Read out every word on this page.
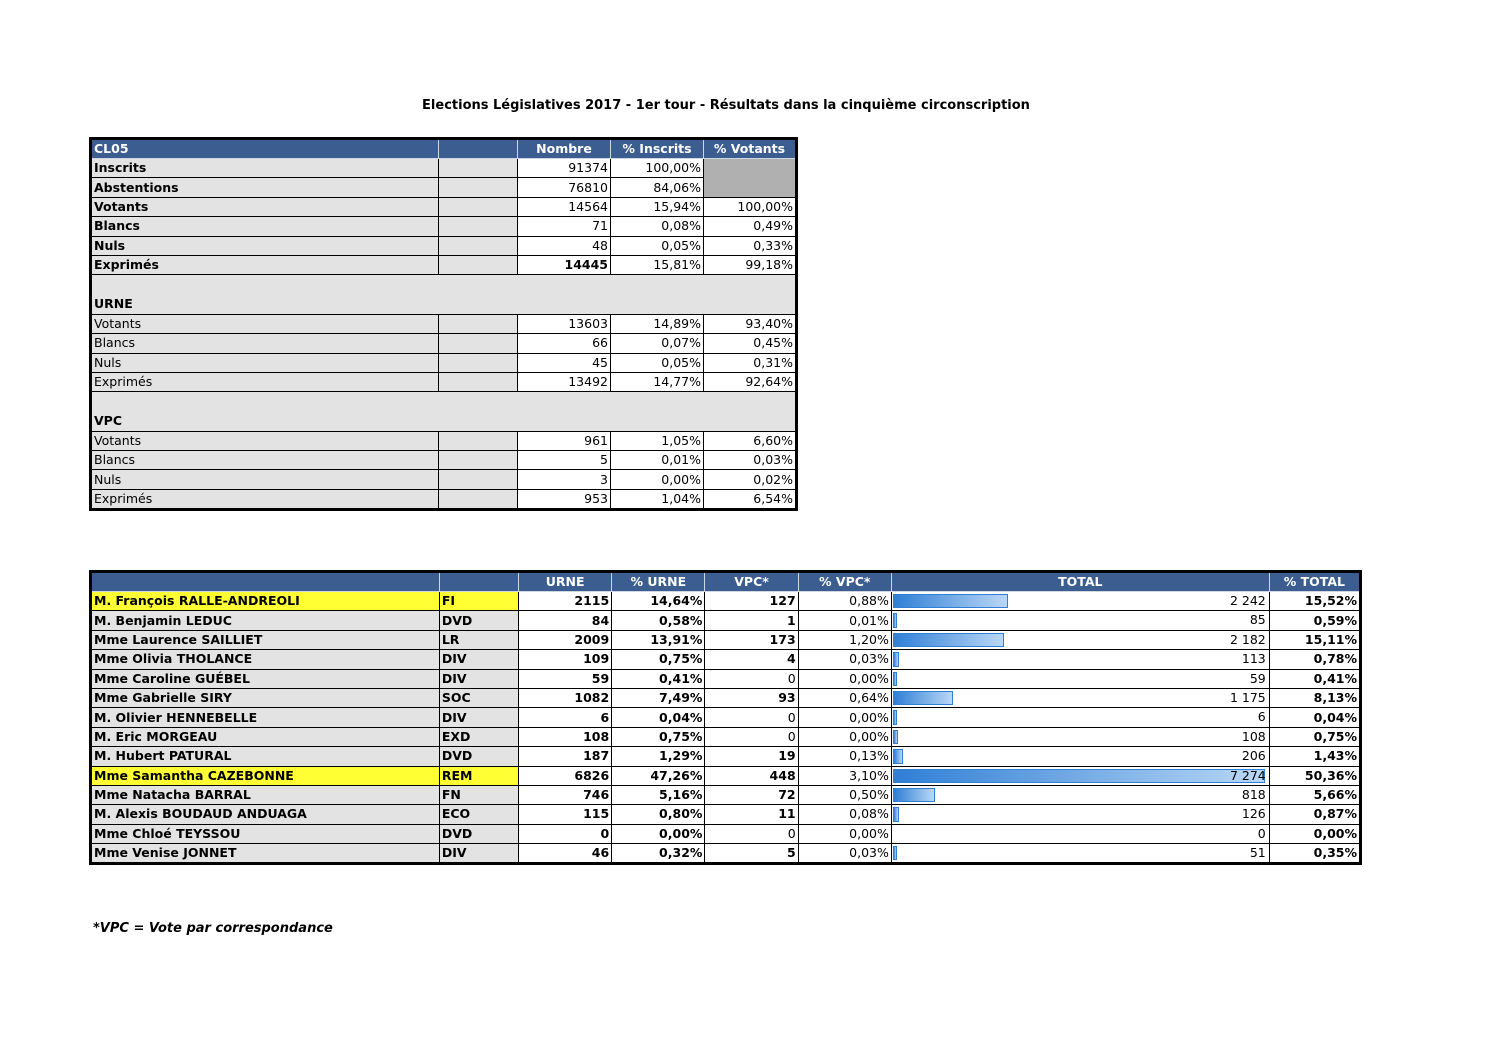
Elections Législatives 2017 - 1er tour - Résultats dans la cinquième circonscription
CL05		Nombre	% Inscrits	% Votants
Inscrits		91374	100,00%	
Abstentions		76810	84,06%	
Votants		14564	15,94%	100,00%
Blancs		71	0,08%	0,49%
Nuls		48	0,05%	0,33%
Exprimés		14445	15,81%	99,18%

URNE				
Votants		13603	14,89%	93,40%
Blancs		66	0,07%	0,45%
Nuls		45	0,05%	0,31%
Exprimés		13492	14,77%	92,64%

VPC				
Votants		961	1,05%	6,60%
Blancs		5	0,01%	0,03%
Nuls		3	0,00%	0,02%
Exprimés		953	1,04%	6,54%
		URNE	% URNE	VPC*	% VPC*	TOTAL	% TOTAL
M. François RALLE-ANDREOLI	FI	2115	14,64%	127	0,88%	2 242	15,52%
M. Benjamin LEDUC	DVD	84	0,58%	1	0,01%	85	0,59%
Mme Laurence SAILLIET	LR	2009	13,91%	173	1,20%	2 182	15,11%
Mme Olivia THOLANCE	DIV	109	0,75%	4	0,03%	113	0,78%
Mme Caroline GUÉBEL	DIV	59	0,41%	0	0,00%	59	0,41%
Mme Gabrielle SIRY	SOC	1082	7,49%	93	0,64%	1 175	8,13%
M. Olivier HENNEBELLE	DIV	6	0,04%	0	0,00%	6	0,04%
M. Eric MORGEAU	EXD	108	0,75%	0	0,00%	108	0,75%
M. Hubert PATURAL	DVD	187	1,29%	19	0,13%	206	1,43%
Mme Samantha CAZEBONNE	REM	6826	47,26%	448	3,10%	7 274	50,36%
Mme Natacha BARRAL	FN	746	5,16%	72	0,50%	818	5,66%
M. Alexis BOUDAUD ANDUAGA	ECO	115	0,80%	11	0,08%	126	0,87%
Mme Chloé TEYSSOU	DVD	0	0,00%	0	0,00%	0	0,00%
Mme Venise JONNET	DIV	46	0,32%	5	0,03%	51	0,35%
*VPC = Vote par correspondance
